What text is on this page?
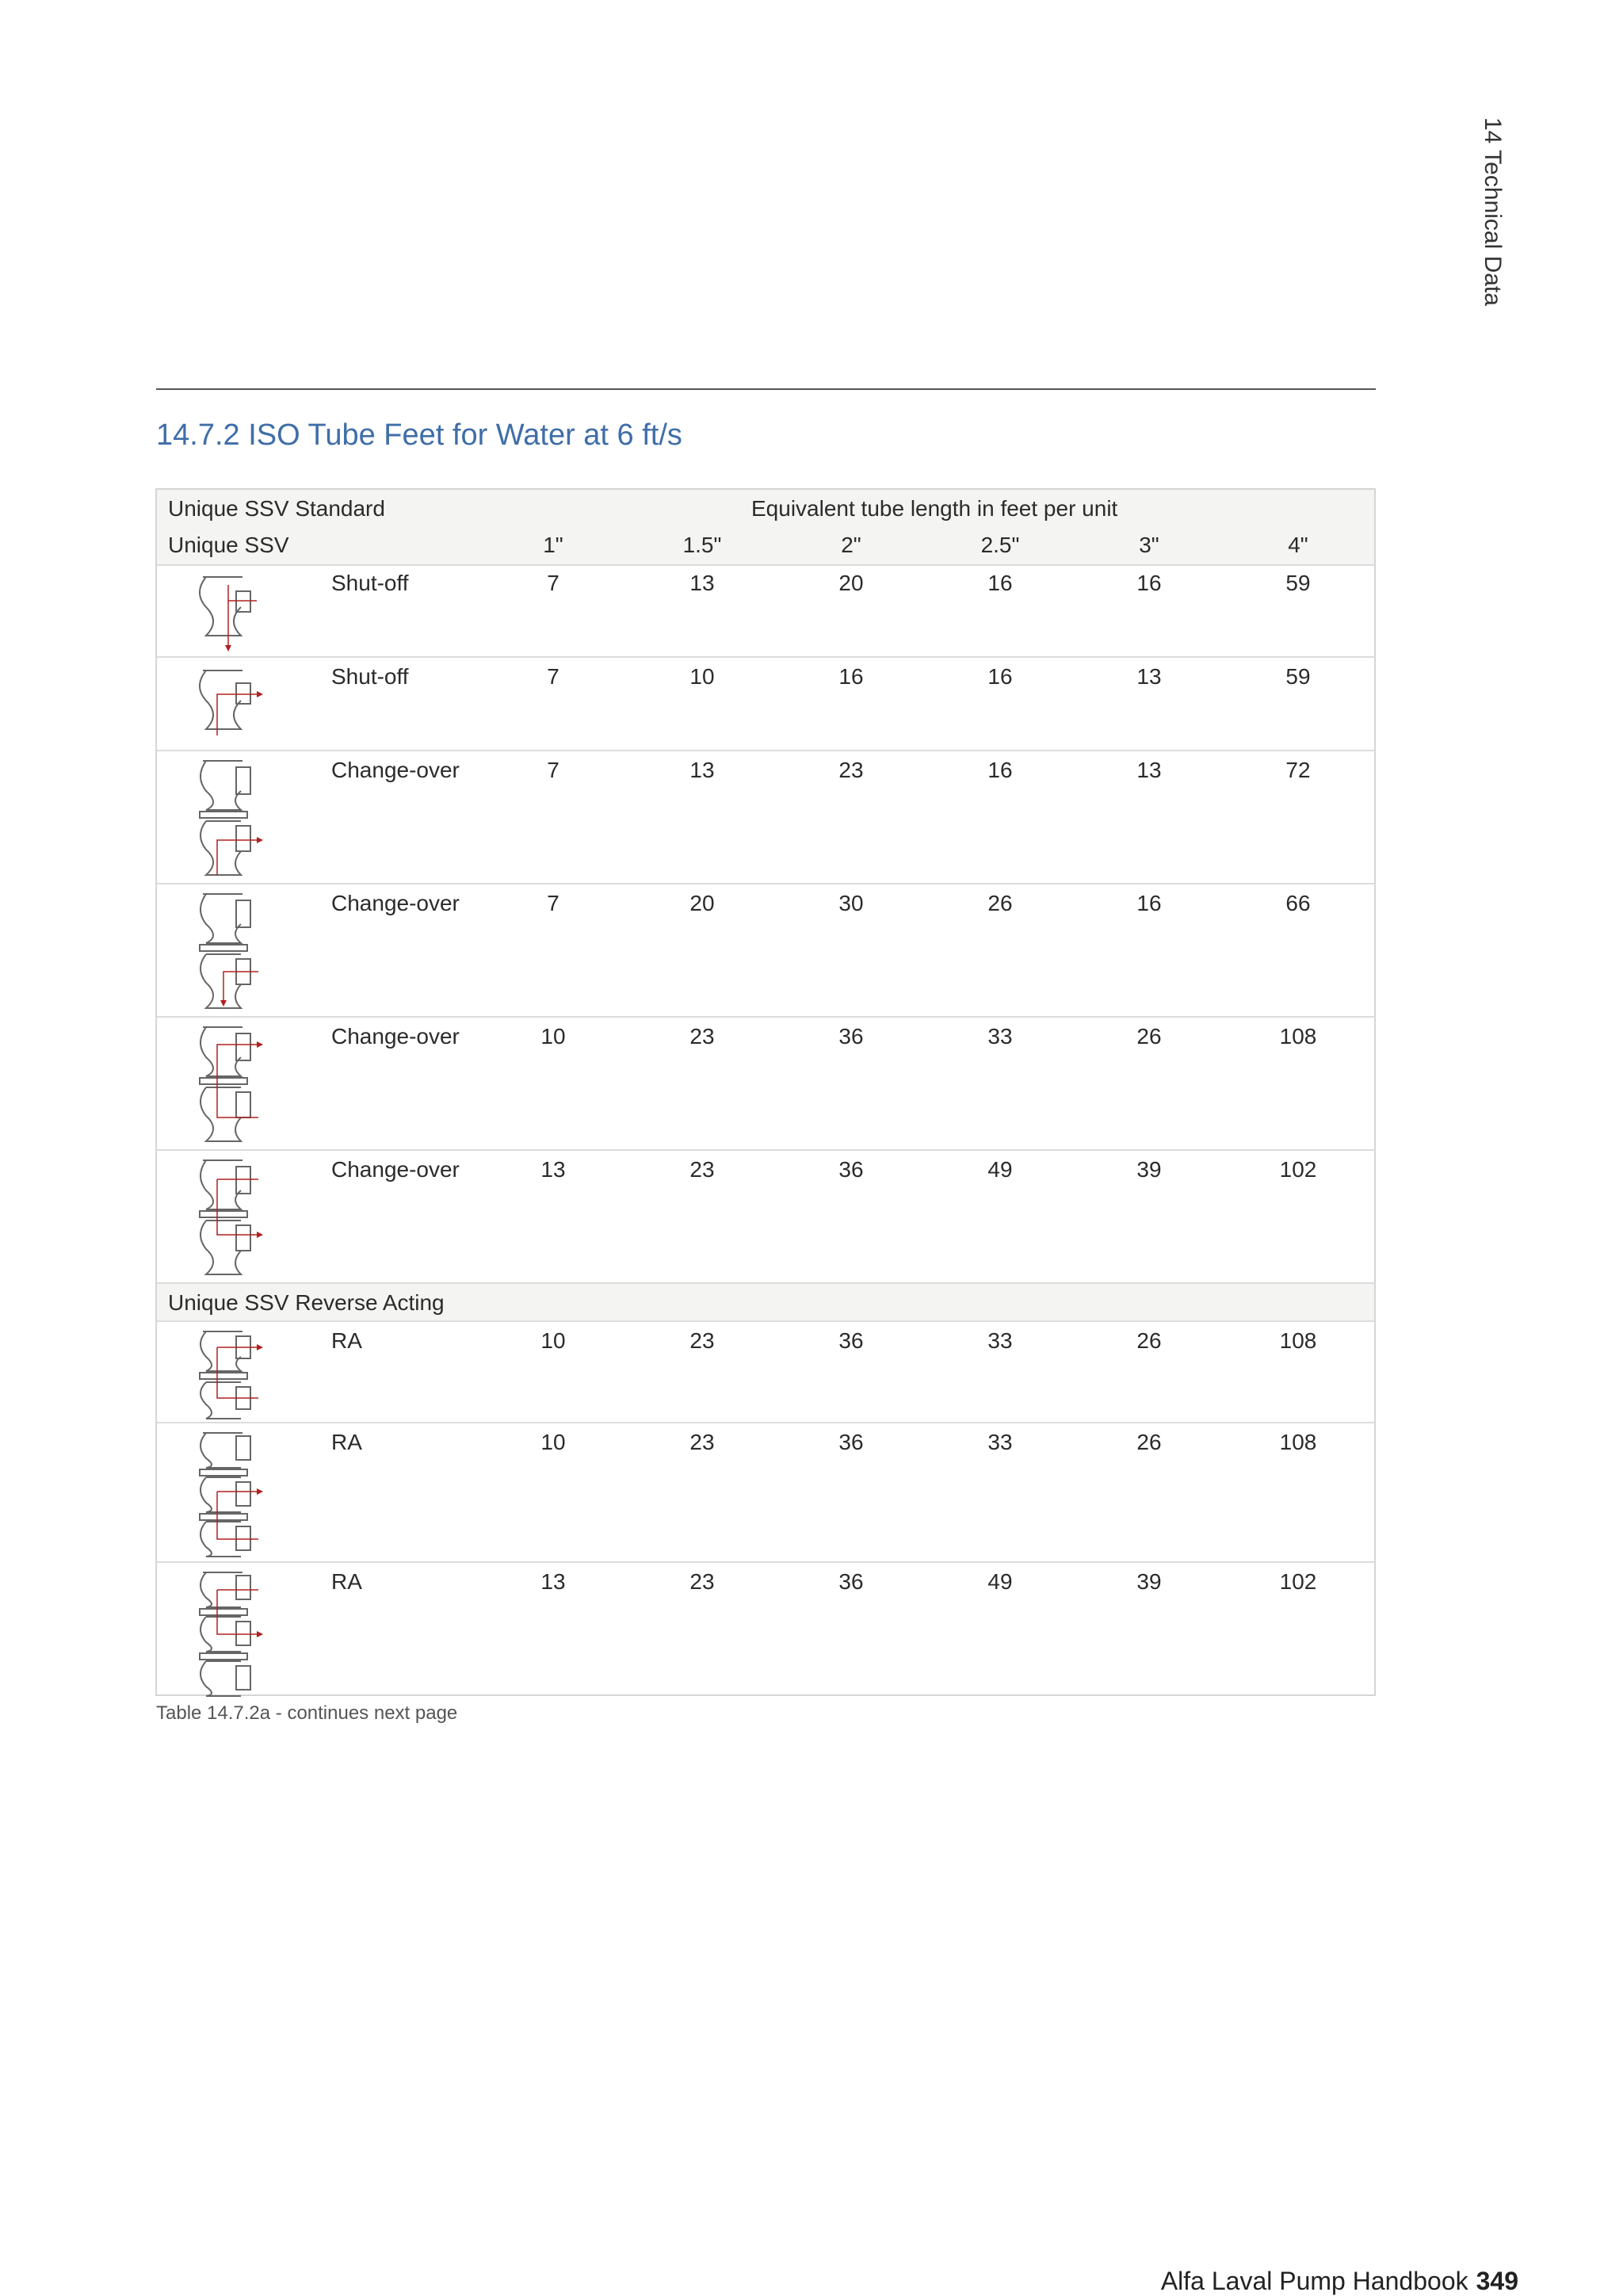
14 Technical Data
14.7.2 ISO Tube Feet for Water at 6 ft/s
Unique SSV Standard	Equivalent tube length in feet per unit
Unique SSV	1"	1.5"	2"	2.5"	3"	4"
Shut-off	7	13	20	16	16	59
Shut-off	7	10	16	16	13	59
Change-over	7	13	23	16	13	72
Change-over	7	20	30	26	16	66
Change-over	10	23	36	33	26	108
Change-over	13	23	36	49	39	102
Unique SSV Reverse Acting
RA	10	23	36	33	26	108
RA	10	23	36	33	26	108
RA	13	23	36	49	39	102
Table 14.7.2a - continues next page
Alfa Laval Pump Handbook 349
